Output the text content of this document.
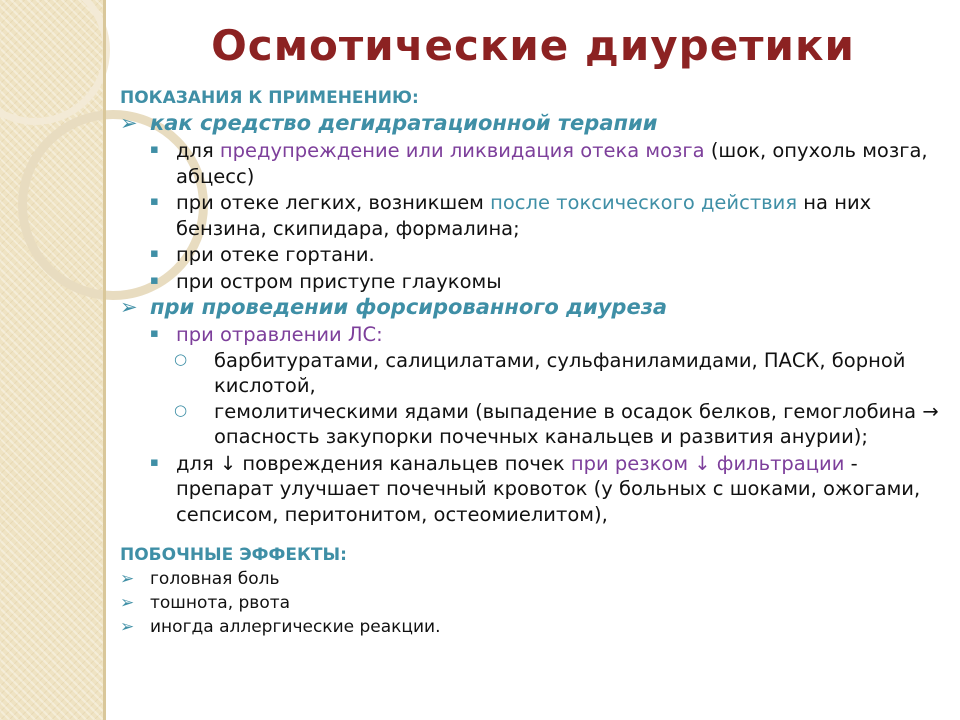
Осмотические диуретики
ПОКАЗАНИЯ К ПРИМЕНЕНИЮ:
➢ как средство дегидратационной терапии
▪ для предупреждение или ликвидация отека мозга (шок, опухоль мозга, абцесс)
▪ при отеке легких, возникшем после токсического действия на них бензина, скипидара, формалина;
▪ при отеке гортани.
▪ при остром приступе глаукомы
➢ при проведении форсированного диуреза
▪ при отравлении ЛС:
○ барбитуратами, салицилатами, сульфаниламидами, ПАСК, борной кислотой,
○ гемолитическими ядами (выпадение в осадок белков, гемоглобина → опасность закупорки почечных канальцев и развития анурии);
▪ для ↓ повреждения канальцев почек при резком ↓ фильтрации - препарат улучшает почечный кровоток (у больных с шоками, ожогами, сепсисом, перитонитом, остеомиелитом),
ПОБОЧНЫЕ ЭФФЕКТЫ:
➢ головная боль
➢ тошнота, рвота
➢ иногда аллергические реакции.
